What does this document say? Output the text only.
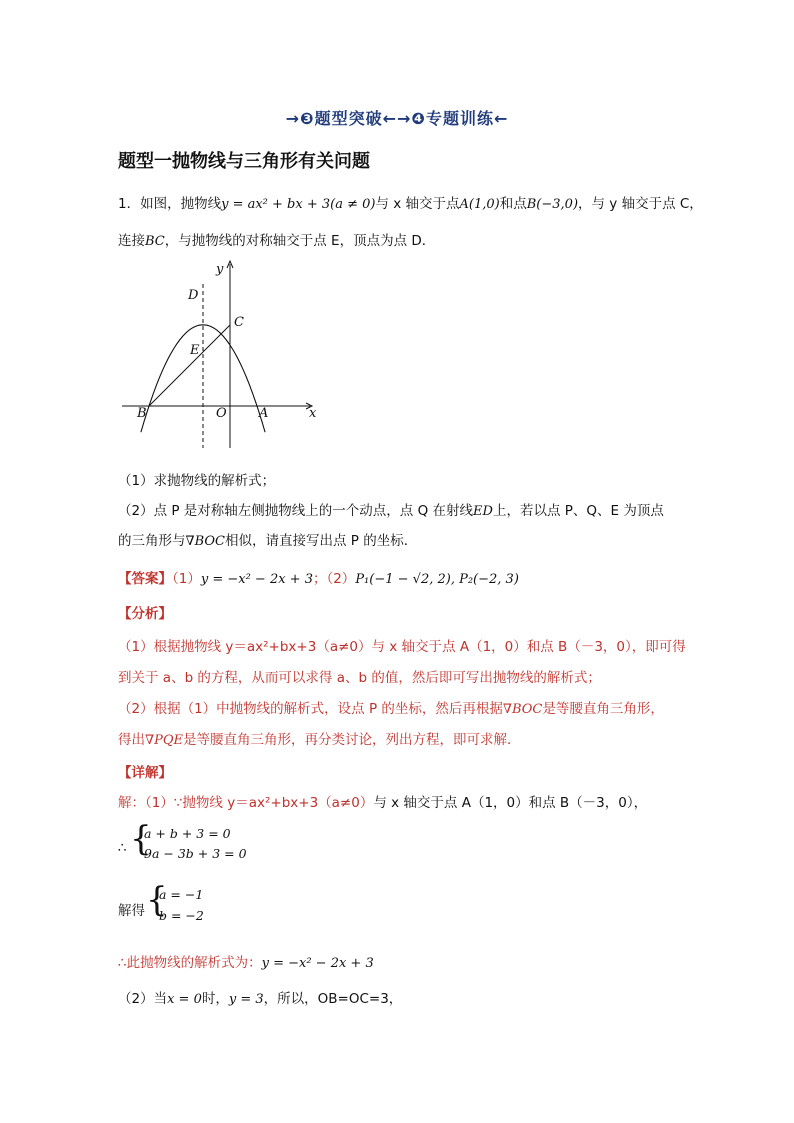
→❸题型突破←→❹专题训练←
题型一抛物线与三角形有关问题
1．如图，抛物线y = ax² + bx + 3(a ≠ 0)与 x 轴交于点A(1,0)和点B(−3,0)，与 y 轴交于点 C，
连接BC，与抛物线的对称轴交于点 E，顶点为点 D．
y
x
D
C
E
B	O A
（1）求抛物线的解析式；
（2）点 P 是对称轴左侧抛物线上的一个动点，点 Q 在射线ED上，若以点 P、Q、E 为顶点
的三角形与∇BOC相似，请直接写出点 P 的坐标．
【答案】（1）y = −x² − 2x + 3；（2）P₁(−1 − √2, 2), P₂(−2, 3)
【分析】
（1）根据抛物线 y＝ax²+bx+3（a≠0）与 x 轴交于点 A（1，0）和点 B（－3，0），即可得
到关于 a、b 的方程，从而可以求得 a、b 的值，然后即可写出抛物线的解析式；
（2）根据（1）中抛物线的解析式，设点 P 的坐标，然后再根据∇BOC是等腰直角三角形，
得出∇PQE是等腰直角三角形，再分类讨论，列出方程，即可求解．
【详解】
解：（1）∵抛物线 y＝ax²+bx+3（a≠0）与 x 轴交于点 A（1，0）和点 B（－3，0），
∴ {
a + b + 3 = 0
9a − 3b + 3 = 0
解得 {
a = −1
b = −2
∴此抛物线的解析式为：y = −x² − 2x + 3
（2）当x = 0时，y = 3，所以，OB=OC=3，
